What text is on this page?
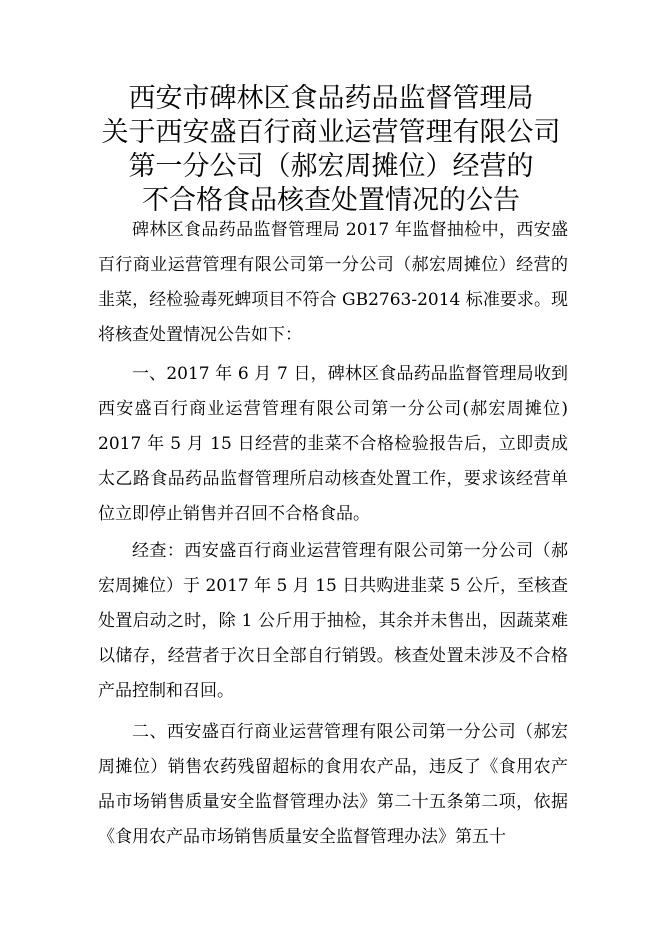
西安市碑林区食品药品监督管理局
关于西安盛百行商业运营管理有限公司
第一分公司（郝宏周摊位）经营的
不合格食品核查处置情况的公告

碑林区食品药品监督管理局 2017 年监督抽检中，西安盛百行商业运营管理有限公司第一分公司（郝宏周摊位）经营的韭菜，经检验毒死蜱项目不符合 GB2763-2014 标准要求。现将核查处置情况公告如下：

一、2017 年 6 月 7 日，碑林区食品药品监督管理局收到西安盛百行商业运营管理有限公司第一分公司(郝宏周摊位) 2017 年 5 月 15 日经营的韭菜不合格检验报告后，立即责成太乙路食品药品监督管理所启动核查处置工作，要求该经营单位立即停止销售并召回不合格食品。

经查：西安盛百行商业运营管理有限公司第一分公司（郝宏周摊位）于 2017 年 5 月 15 日共购进韭菜 5 公斤，至核查处置启动之时，除 1 公斤用于抽检，其余并未售出，因蔬菜难以储存，经营者于次日全部自行销毁。核查处置未涉及不合格产品控制和召回。

二、西安盛百行商业运营管理有限公司第一分公司（郝宏周摊位）销售农药残留超标的食用农产品，违反了《食用农产品市场销售质量安全监督管理办法》第二十五条第二项，依据《食用农产品市场销售质量安全监督管理办法》第五十
